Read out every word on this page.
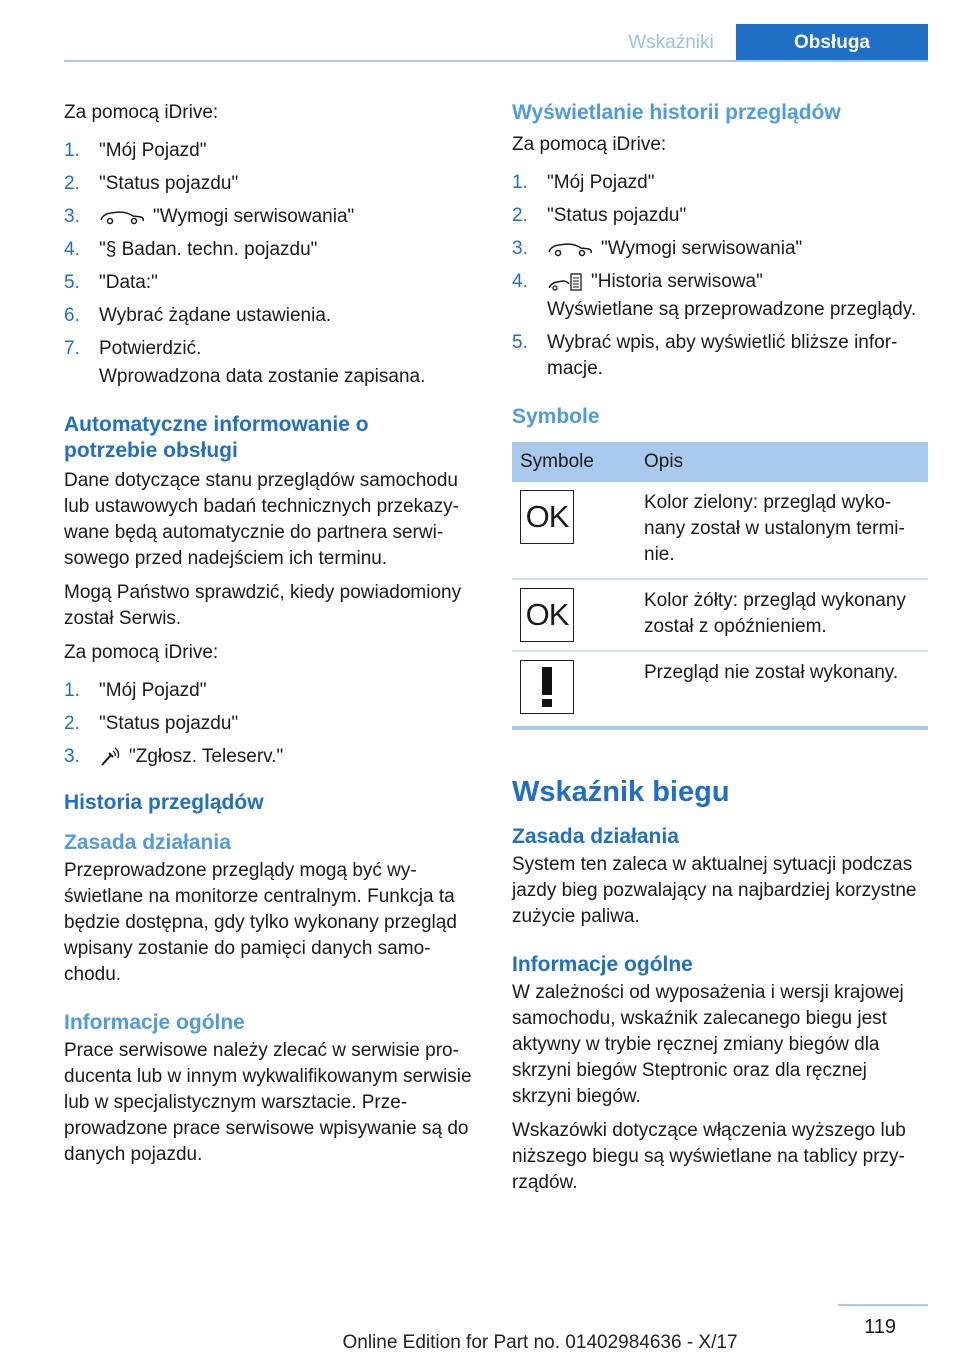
Wskaźniki	Obsługa

Za pomocą iDrive:

1. "Mój Pojazd"
2. "Status pojazdu"
3.	"Wymogi serwisowania"
4. "§ Badan. techn. pojazdu"
5. "Data:"
6. Wybrać żądane ustawienia.
7. Potwierdzić.

Wprowadzona data zostanie zapisana.

Automatyczne informowanie o potrzebie obsługi

Dane dotyczące stanu przeglądów samochodu lub ustawowych badań technicznych przekazywane będą automatycznie do partnera serwisowego przed nadejściem ich terminu.

Mogą Państwo sprawdzić, kiedy powiadomiony został Serwis.

Za pomocą iDrive:

1. "Mój Pojazd"
2. "Status pojazdu"
3.	"Zgłosz. Teleserv."

Historia przeglądów

Zasada działania

Przeprowadzone przeglądy mogą być wyświetlane na monitorze centralnym. Funkcja ta będzie dostępna, gdy tylko wykonany przegląd wpisany zostanie do pamięci danych samochodu.

Informacje ogólne

Prace serwisowe należy zlecać w serwisie producenta lub w innym wykwalifikowanym serwisie lub w specjalistycznym warsztacie. Przeprowadzone prace serwisowe wpisywanie są do danych pojazdu.

Wyświetlanie historii przeglądów

Za pomocą iDrive:

1. "Mój Pojazd"
2. "Status pojazdu"
3.	"Wymogi serwisowania"
4.	"Historia serwisowa"

Wyświetlane są przeprowadzone przeglądy.

5. Wybrać wpis, aby wyświetlić bliższe informacje.

Symbole

Symbole	Opis

OK	Kolor zielony: przegląd wykonany został w ustalonym terminie.

OK	Kolor żółty: przegląd wykonany został z opóźnieniem.

	Przegląd nie został wykonany.

Wskaźnik biegu

Zasada działania

System ten zaleca w aktualnej sytuacji podczas jazdy bieg pozwalający na najbardziej korzystne zużycie paliwa.

Informacje ogólne

W zależności od wyposażenia i wersji krajowej samochodu, wskaźnik zalecanego biegu jest aktywny w trybie ręcznej zmiany biegów dla skrzyni biegów Steptronic oraz dla ręcznej skrzyni biegów.

Wskazówki dotyczące włączenia wyższego lub niższego biegu są wyświetlane na tablicy przyrządów.

119
Online Edition for Part no. 01402984636 - X/17
